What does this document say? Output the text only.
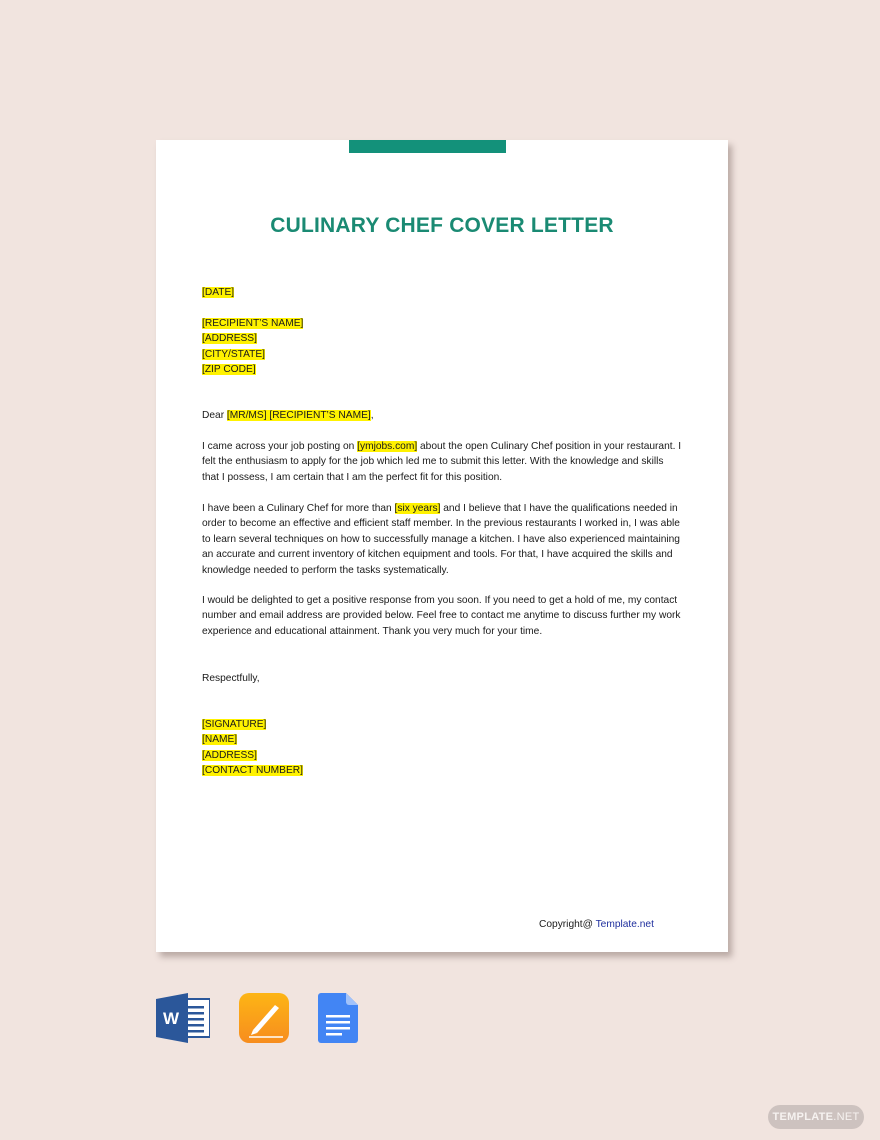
CULINARY CHEF COVER LETTER
[DATE]

[RECIPIENT’S NAME]
[ADDRESS]
[CITY/STATE]
[ZIP CODE]
Dear [MR/MS] [RECIPIENT’S NAME],
I came across your job posting on [ymjobs.com] about the open Culinary Chef position in your restaurant. I
felt the enthusiasm to apply for the job which led me to submit this letter. With the knowledge and skills
that I possess, I am certain that I am the perfect fit for this position.
I have been a Culinary Chef for more than [six years] and I believe that I have the qualifications needed in
order to become an effective and efficient staff member. In the previous restaurants I worked in, I was able
to learn several techniques on how to successfully manage a kitchen. I have also experienced maintaining
an accurate and current inventory of kitchen equipment and tools. For that, I have acquired the skills and
knowledge needed to perform the tasks systematically.
I would be delighted to get a positive response from you soon. If you need to get a hold of me, my contact
number and email address are provided below. Feel free to contact me anytime to discuss further my work
experience and educational attainment. Thank you very much for your time.
Respectfully,
[SIGNATURE]
[NAME]
[ADDRESS]
[CONTACT NUMBER]
Copyright@ Template.net
W
TEMPLATE.NET
